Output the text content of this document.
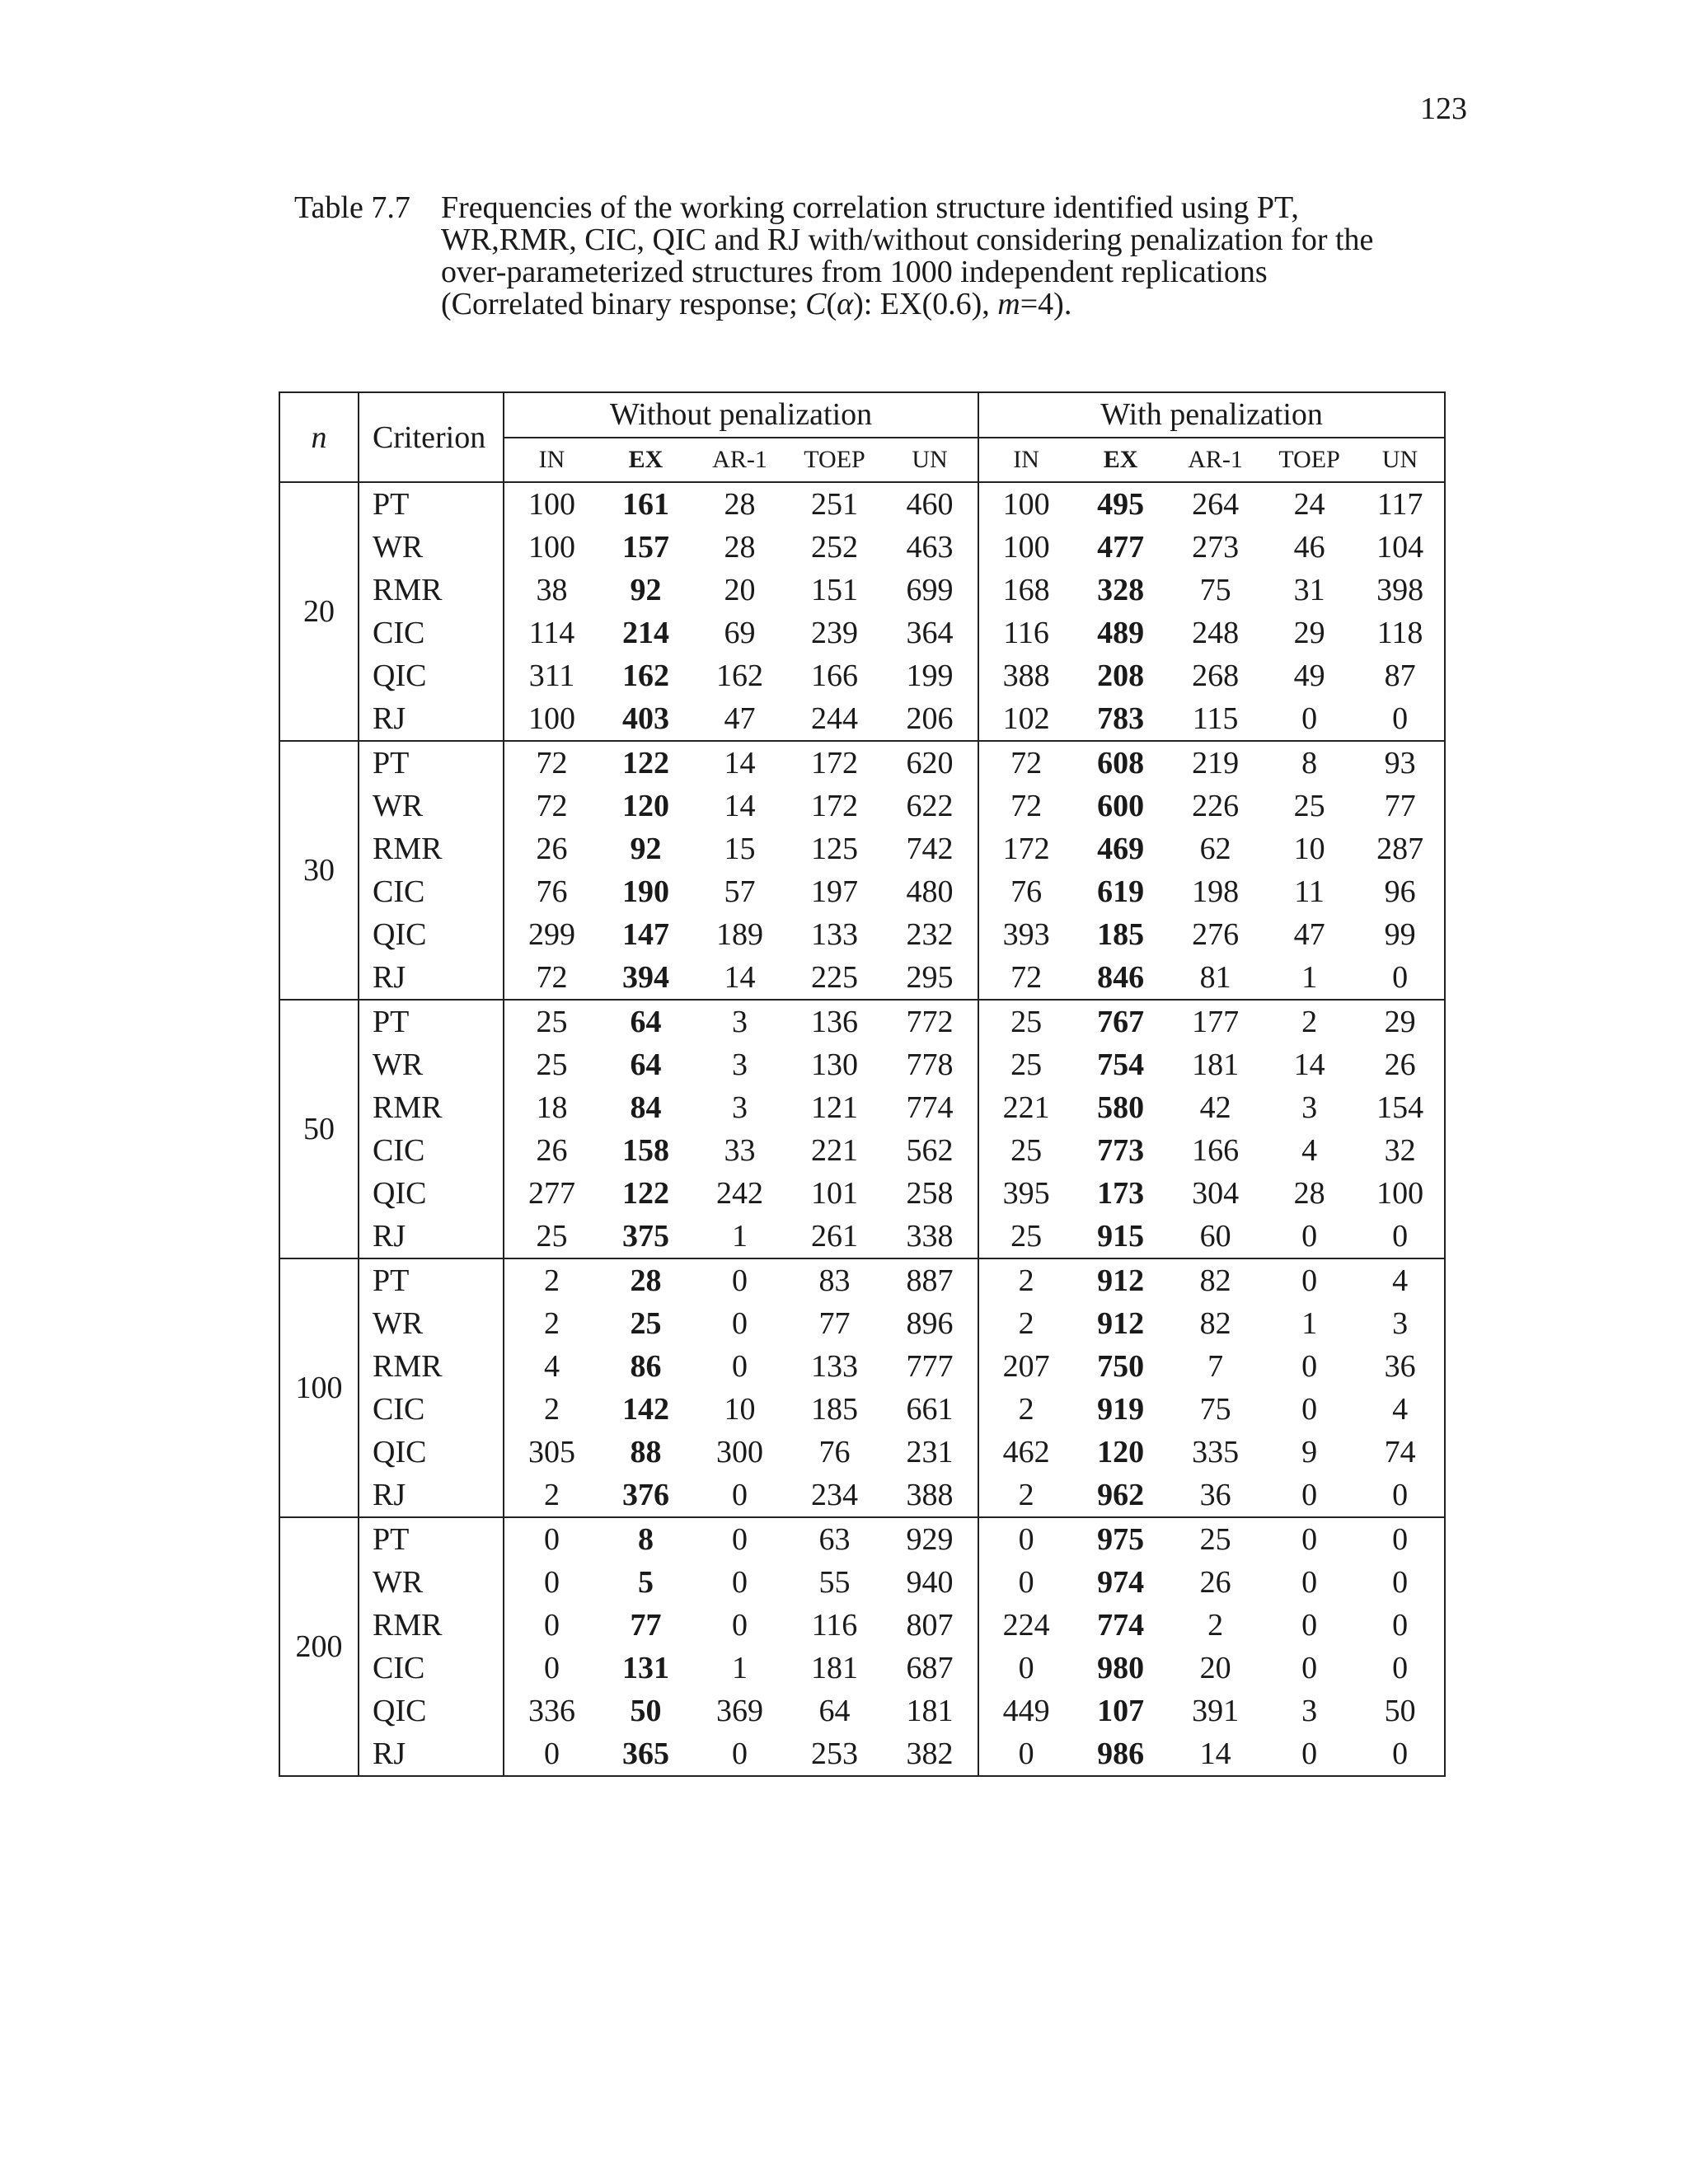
123
Table 7.7 Frequencies of the working correlation structure identified using PT,
WR,RMR, CIC, QIC and RJ with/without considering penalization for the
over-parameterized structures from 1000 independent replications
(Correlated binary response; C(α): EX(0.6), m=4).
n	Criterion	Without penalization					With penalization				
		IN	EX	AR-1	TOEP	UN	IN	EX	AR-1	TOEP	UN
20	PT	100	161	28	251	460	100	495	264	24	117
	WR	100	157	28	252	463	100	477	273	46	104
	RMR	38	92	20	151	699	168	328	75	31	398
	CIC	114	214	69	239	364	116	489	248	29	118
	QIC	311	162	162	166	199	388	208	268	49	87
	RJ	100	403	47	244	206	102	783	115	0	0
30	PT	72	122	14	172	620	72	608	219	8	93
	WR	72	120	14	172	622	72	600	226	25	77
	RMR	26	92	15	125	742	172	469	62	10	287
	CIC	76	190	57	197	480	76	619	198	11	96
	QIC	299	147	189	133	232	393	185	276	47	99
	RJ	72	394	14	225	295	72	846	81	1	0
50	PT	25	64	3	136	772	25	767	177	2	29
	WR	25	64	3	130	778	25	754	181	14	26
	RMR	18	84	3	121	774	221	580	42	3	154
	CIC	26	158	33	221	562	25	773	166	4	32
	QIC	277	122	242	101	258	395	173	304	28	100
	RJ	25	375	1	261	338	25	915	60	0	0
100	PT	2	28	0	83	887	2	912	82	0	4
	WR	2	25	0	77	896	2	912	82	1	3
	RMR	4	86	0	133	777	207	750	7	0	36
	CIC	2	142	10	185	661	2	919	75	0	4
	QIC	305	88	300	76	231	462	120	335	9	74
	RJ	2	376	0	234	388	2	962	36	0	0
200	PT	0	8	0	63	929	0	975	25	0	0
	WR	0	5	0	55	940	0	974	26	0	0
	RMR	0	77	0	116	807	224	774	2	0	0
	CIC	0	131	1	181	687	0	980	20	0	0
	QIC	336	50	369	64	181	449	107	391	3	50
	RJ	0	365	0	253	382	0	986	14	0	0
